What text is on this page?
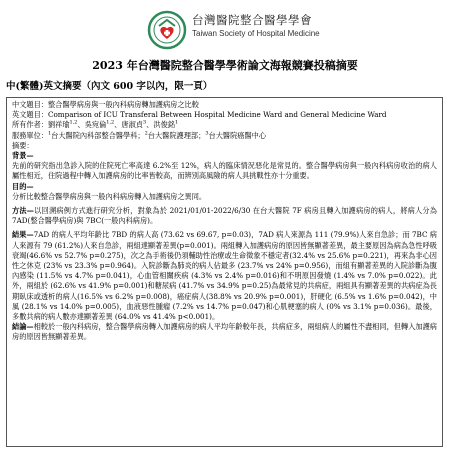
台灣醫院整合醫學學會
Taiwan Society of Hospital Medicine
2023 年台灣醫院整合醫學學術論文海報競賽投稿摘要
中(繁體)英文摘要（內文 600 字以內，限一頁）
中文題目： 整合醫學病房與一般內科病房轉加護病房之比較
英文題目： Comparison of ICU Transferal Between Hospital Medicine Ward and General Medicine Ward
所有作者： 劉祥瑜$^{1,2}$、吳宛倫$^{1,2}$、唐淑貞$^3$、洪俊銘$^1$
服務單位： $^1$台大醫院內科部整合醫學科；$^2$台大醫院護理部；$^3$台大醫院癌醫中心
摘要：
背景—
先前的研究指出急診入院的住院死亡率高達 6.2%至 12%，病人的臨床情況惡化是常見的。整合醫學病房與一般內科病房收治的病人屬性相近，住院過程中轉入加護病房的比率皆較高，而辨別高風險的病人具挑戰性亦十分重要。
目的—
分析比較整合醫學病房與一般內科病房轉入加護病房之異同。
方法—以回溯病例方式進行研究分析，對象為於 2021/01/01-2022/6/30 在台大醫院 7F 病房且轉入加護病房的病人，將病人分為 7AD(整合醫學病房)與 7BC(一般內科病房)。
結果—7AD 的病人平均年齡比 7BD 的病人高 (73.62 vs 69.67, p=0.03)，7AD 病人來源為 111 (79.9%)人來自急診；而 7BC 病人來源有 79 (61.2%)人來自急診，兩組達顯著差異(p=0.001)。兩組轉入加護病房的原因皆無顯著差異，最主要原因為病為急性呼吸衰竭(46.6% vs 52.7% p=0.275)，次之為手術後仍須輔助性治療或生命徵象不穩定者(32.4% vs 25.6% p=0.221)，再來為非心因性之休克 (23% vs 23.3% p=0.964)。入院診斷為肺炎的病人佔最多 (23.7% vs 24% p=0.956)，而組有顯著差異的入院診斷為腹內感染 (11.5% vs 4.7% p=0.041)，心血管相關疾病 (4.3% vs 2.4% p=0.016)和不明原因發燒 (1.4% vs 7.0% p=0.022)。此外，兩組於 (62.6% vs 41.9% p=0.001)和糖尿病 (41.7% vs 34.9% p=0.25)為最常見的共病症，兩組具有顯著差異的共病症為長期臥床或透析的病人(16.5% vs 6.2% p=0.008)，癌症病人(38.8% vs 20.9% p=0.001)，肝硬化 (6.5% vs 1.6% p=0.042)，中風 (28.1% vs 14.0% p=0.005)，血液惡性腫瘤 (7.2% vs 14.7% p=0.047)和心肌梗塞的病人 (0% vs 3.1% p=0.036)。最後，多數共病的病人數亦達顯著差異 (64.0% vs 41.4% p<0.001)。
結論—相較於一般內科病房，整合醫學病房轉入加護病房的病人平均年齡較年長，共病症多，兩組病人的屬性不盡相同，但轉入加護病房的原因皆無顯著差異。
